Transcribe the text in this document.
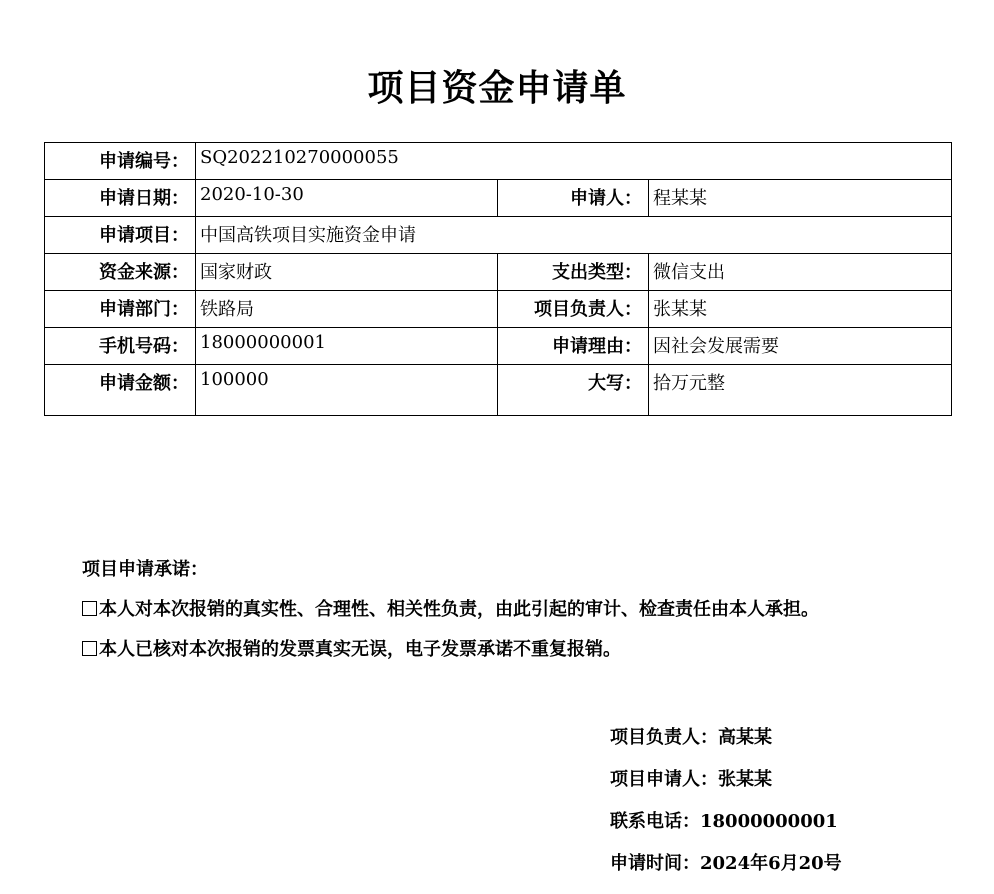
项目资金申请单
申请编号：	SQ202210270000055		
申请日期：	2020-10-30	申请人：	程某某
申请项目：	中国高铁项目实施资金申请		
资金来源：	国家财政	支出类型：	微信支出
申请部门：	铁路局	项目负责人：	张某某
手机号码：	18000000001	申请理由：	因社会发展需要
申请金额：	100000	大写：	拾万元整
项目申请承诺：
本人对本次报销的真实性、合理性、相关性负责，由此引起的审计、检查责任由本人承担。
本人已核对本次报销的发票真实无误，电子发票承诺不重复报销。
项目负责人：高某某
项目申请人：张某某
联系电话：18000000001
申请时间：2024年6月20号
